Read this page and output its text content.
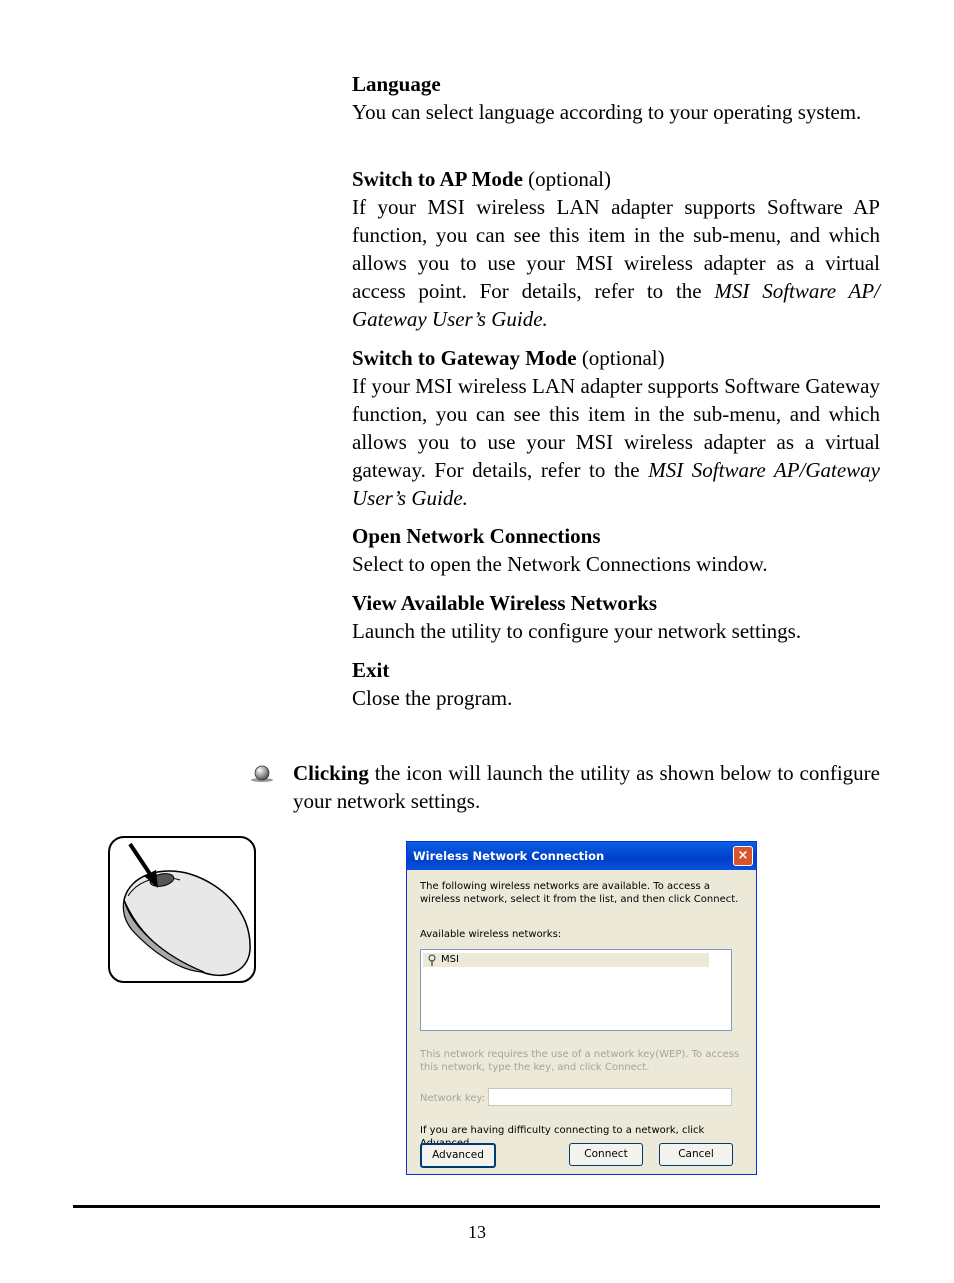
Language

You can select language according to your operating system.

Switch to AP Mode (optional)

If your MSI wireless LAN adapter supports Software AP function, you can see this item in the sub-menu, and which allows you to use your MSI wireless adapter as a virtual access point. For details, refer to the MSI Software AP/ Gateway User’s Guide.

Switch to Gateway Mode (optional)

If your MSI wireless LAN adapter supports Software Gateway function, you can see this item in the sub-menu, and which allows you to use your MSI wireless adapter as a virtual gateway. For details, refer to the MSI Software AP/Gateway User’s Guide.

Open Network Connections

Select to open the Network Connections window.

View Available Wireless Networks

Launch the utility to configure your network settings.

Exit

Close the program.

Clicking the icon will launch the utility as shown below to configure your network settings.
Wireless Network Connection	×
The following wireless networks are available. To access a wireless network, select it from the list, and then click Connect.
Available wireless networks:
MSI
This network requires the use of a network key(WEP). To access this network, type the key, and click Connect.
Network key:
If you are having difficulty connecting to a network, click
Advanced	Connect	Cancel
13
